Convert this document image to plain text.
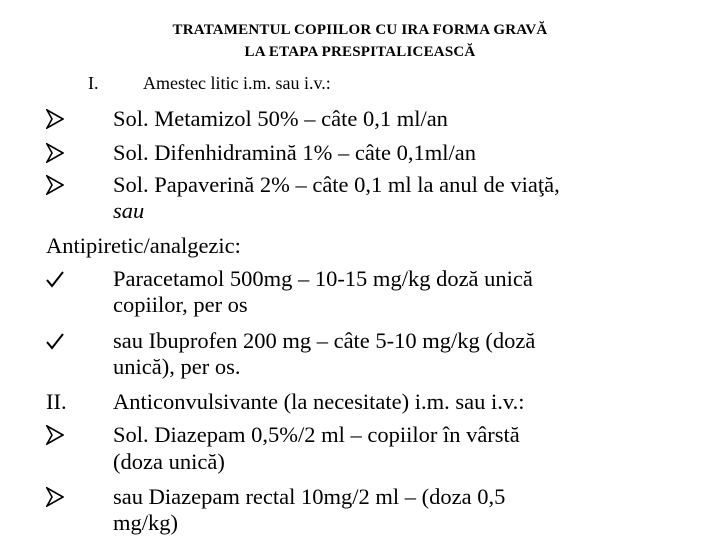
TRATAMENTUL COPIILOR CU IRA FORMA GRAVĂ
LA ETAPA PRESPITALICEASCĂ
I. Amestec litic i.m. sau i.v.:
Sol. Metamizol 50% – câte 0,1 ml/an
Sol. Difenhidramină 1% – câte 0,1ml/an
Sol. Papaverină 2% – câte 0,1 ml la anul de viaţă,
sau
Antipiretic/analgezic:
Paracetamol 500mg – 10-15 mg/kg doză unică
copiilor, per os
sau Ibuprofen 200 mg – câte 5-10 mg/kg (doză
unică), per os.
II.	Anticonvulsivante (la necesitate) i.m. sau i.v.:
Sol. Diazepam 0,5%/2 ml – copiilor în vârstă
(doza unică)
sau Diazepam rectal 10mg/2 ml – (doza 0,5
mg/kg)
